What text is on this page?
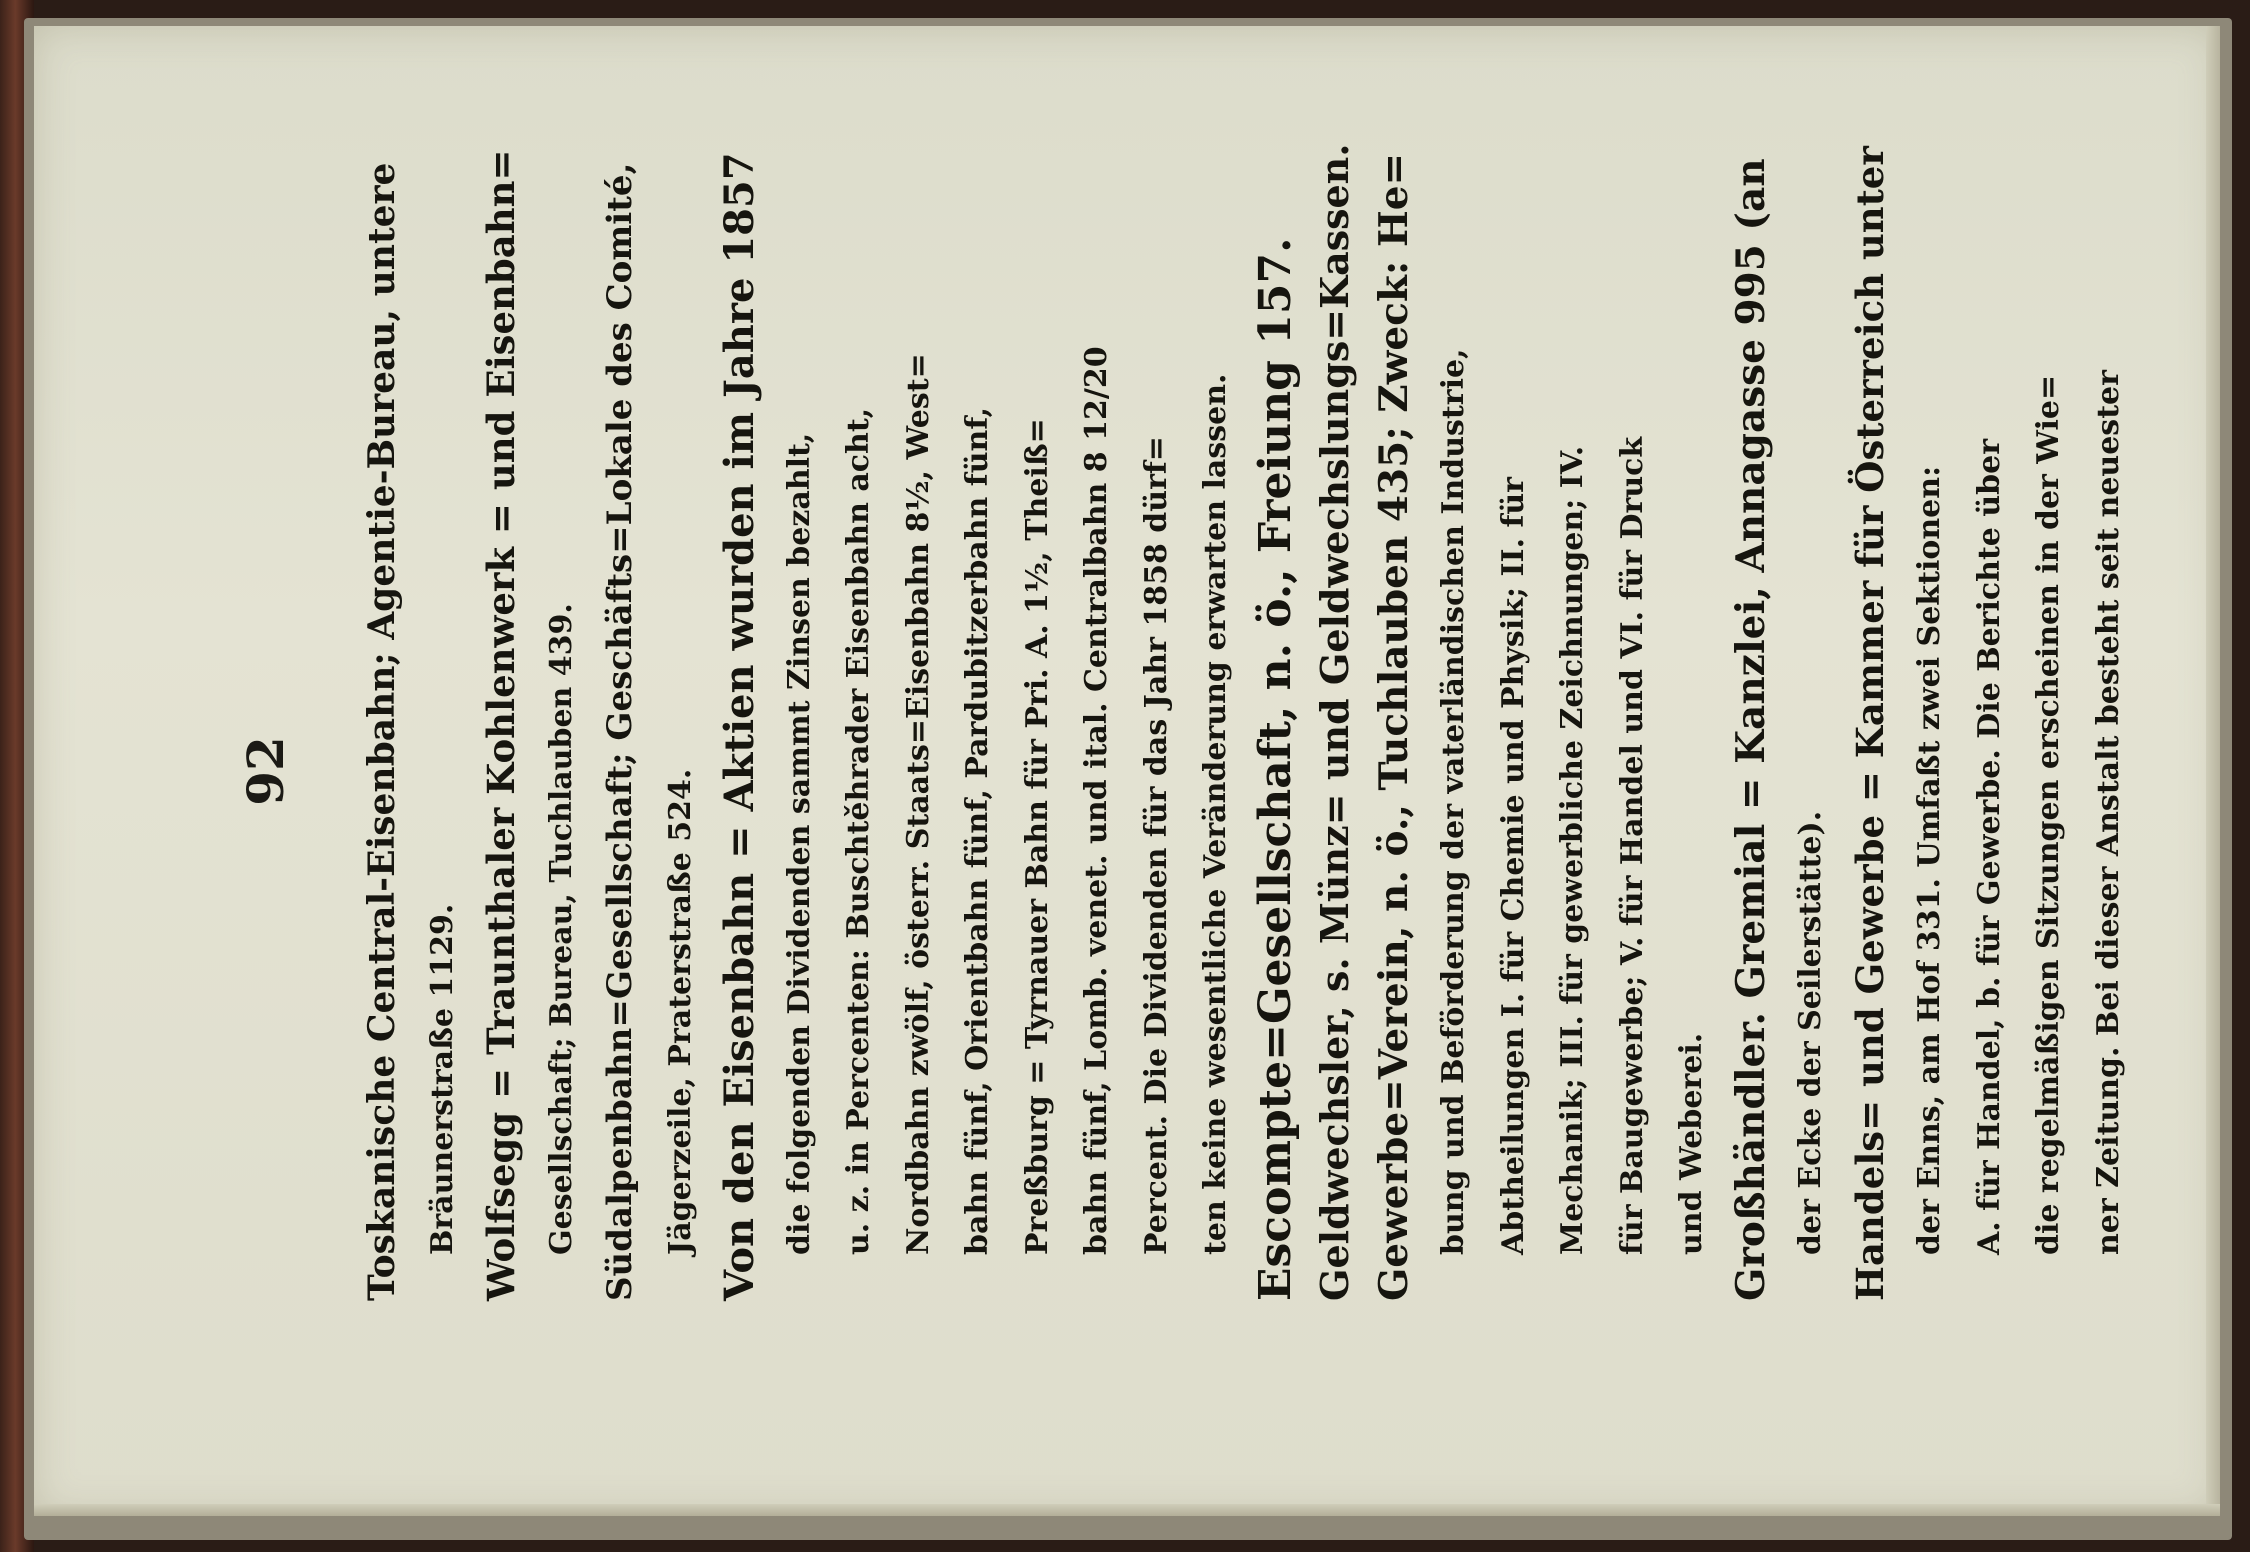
92 Toskanische Central-Eisenbahn; Agentie-Bureau, untere Bräunerstraße 1129. Wolfsegg = Traunthaler Kohlenwerk = und Eisenbahn= Gesellschaft; Bureau, Tuchlauben 439. Südalpenbahn=Gesellschaft; Geschäfts=Lokale des Comité, Jägerzeile, Praterstraße 524. Von den Eisenbahn = Aktien wurden im Jahre 1857 die folgenden Dividenden sammt Zinsen bezahlt, u. z. in Percenten: Buschtěhrader Eisenbahn acht, Nordbahn zwölf, österr. Staats=Eisenbahn 8½, West= bahn fünf, Orientbahn fünf, Pardubitzerbahn fünf, Preßburg = Tyrnauer Bahn für Pri. A. 1½, Theiß= bahn fünf, Lomb. venet. und ital. Centralbahn 8 12/20 Percent. Die Dividenden für das Jahr 1858 dürf= ten keine wesentliche Veränderung erwarten lassen. Escompte=Gesellschaft, n. ö., Freiung 157. Geldwechsler, s. Münz= und Geldwechslungs=Kassen. Gewerbe=Verein, n. ö., Tuchlauben 435; Zweck: He= bung und Beförderung der vaterländischen Industrie, Abtheilungen I. für Chemie und Physik; II. für Mechanik; III. für gewerbliche Zeichnungen; IV. für Baugewerbe; V. für Handel und VI. für Druck und Weberei. Großhändler. Gremial = Kanzlei, Annagasse 995 (an der Ecke der Seilerstätte). Handels= und Gewerbe = Kammer für Österreich unter der Enns, am Hof 331. Umfaßt zwei Sektionen: A. für Handel, b. für Gewerbe. Die Berichte über die regelmäßigen Sitzungen erscheinen in der Wie= ner Zeitung. Bei dieser Anstalt besteht seit neuester
